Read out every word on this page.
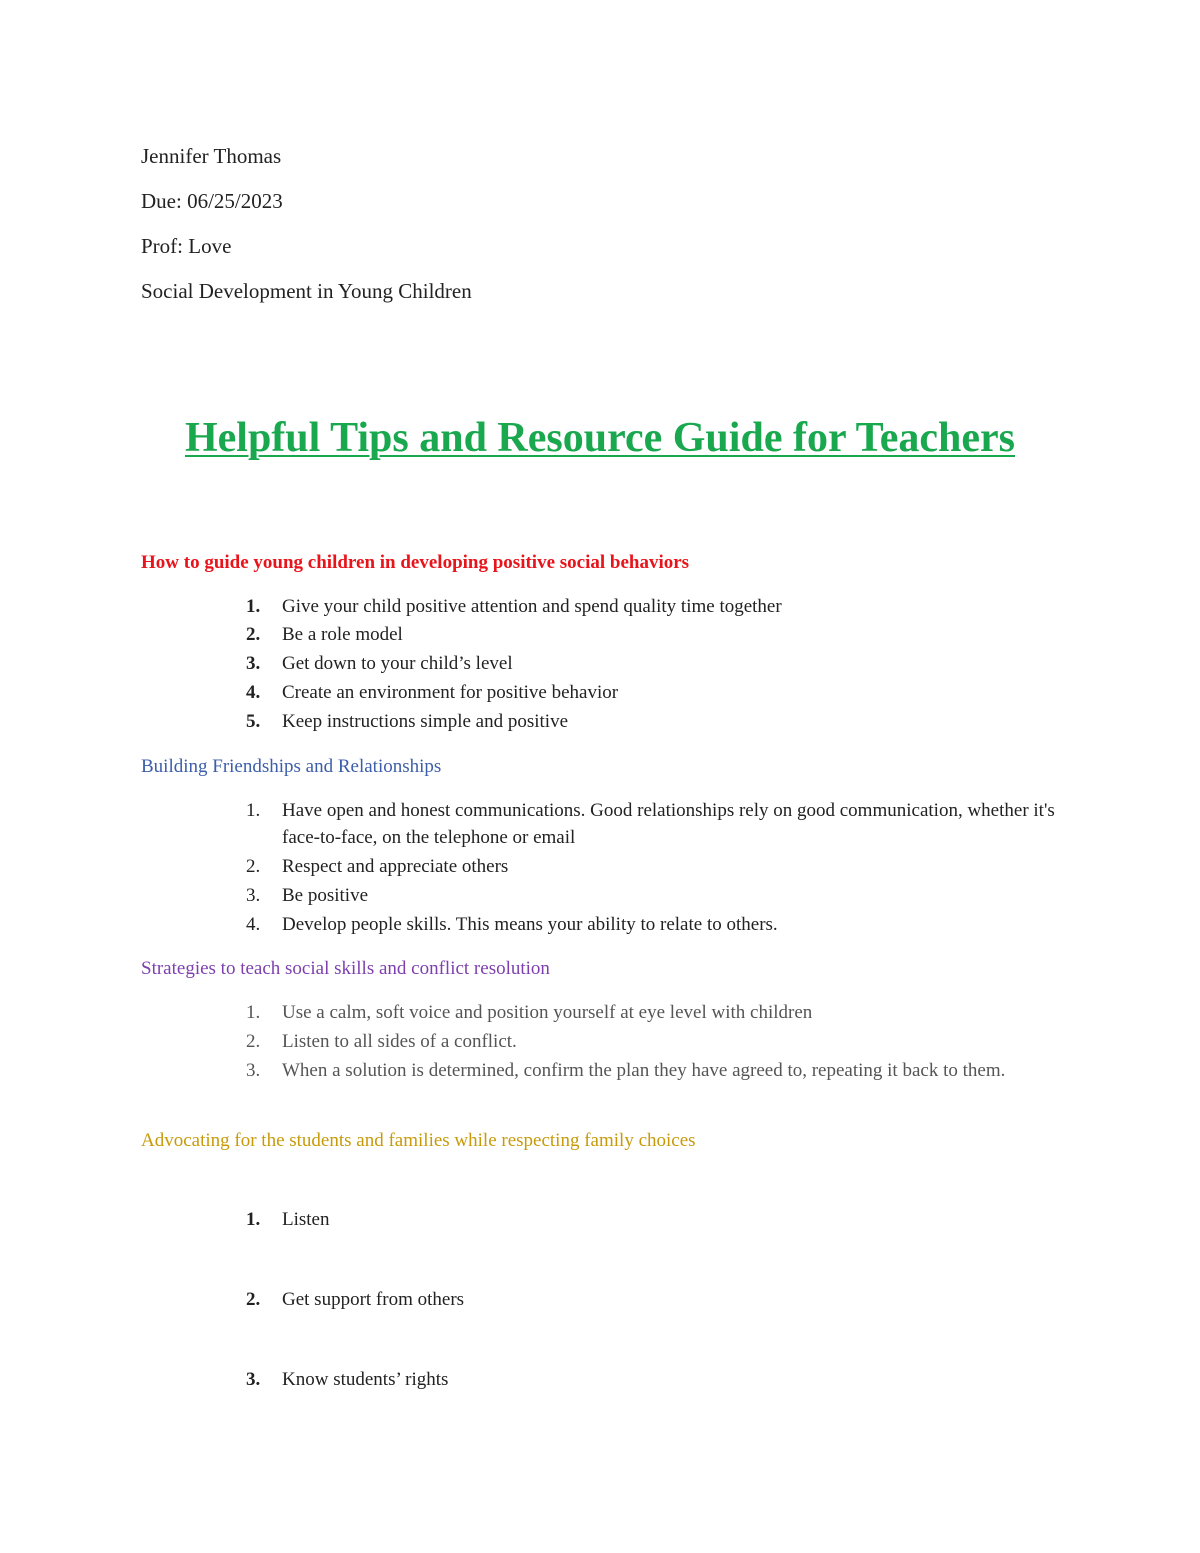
Jennifer Thomas
Due: 06/25/2023
Prof: Love
Social Development in Young Children
Helpful Tips and Resource Guide for Teachers
How to guide young children in developing positive social behaviors
1.	Give your child positive attention and spend quality time together
2.	Be a role model
3.	Get down to your child’s level
4.	Create an environment for positive behavior
5.	Keep instructions simple and positive
Building Friendships and Relationships
1.	Have open and honest communications. Good relationships rely on good communication, whether it's face-to-face, on the telephone or email
2.	Respect and appreciate others
3.	Be positive
4.	Develop people skills. This means your ability to relate to others.
Strategies to teach social skills and conflict resolution
1.	Use a calm, soft voice and position yourself at eye level with children
2.	Listen to all sides of a conflict.
3.	When a solution is determined, confirm the plan they have agreed to, repeating it back to them.
Advocating for the students and families while respecting family choices
1.	Listen
2.	Get support from others
3.	Know students’ rights
